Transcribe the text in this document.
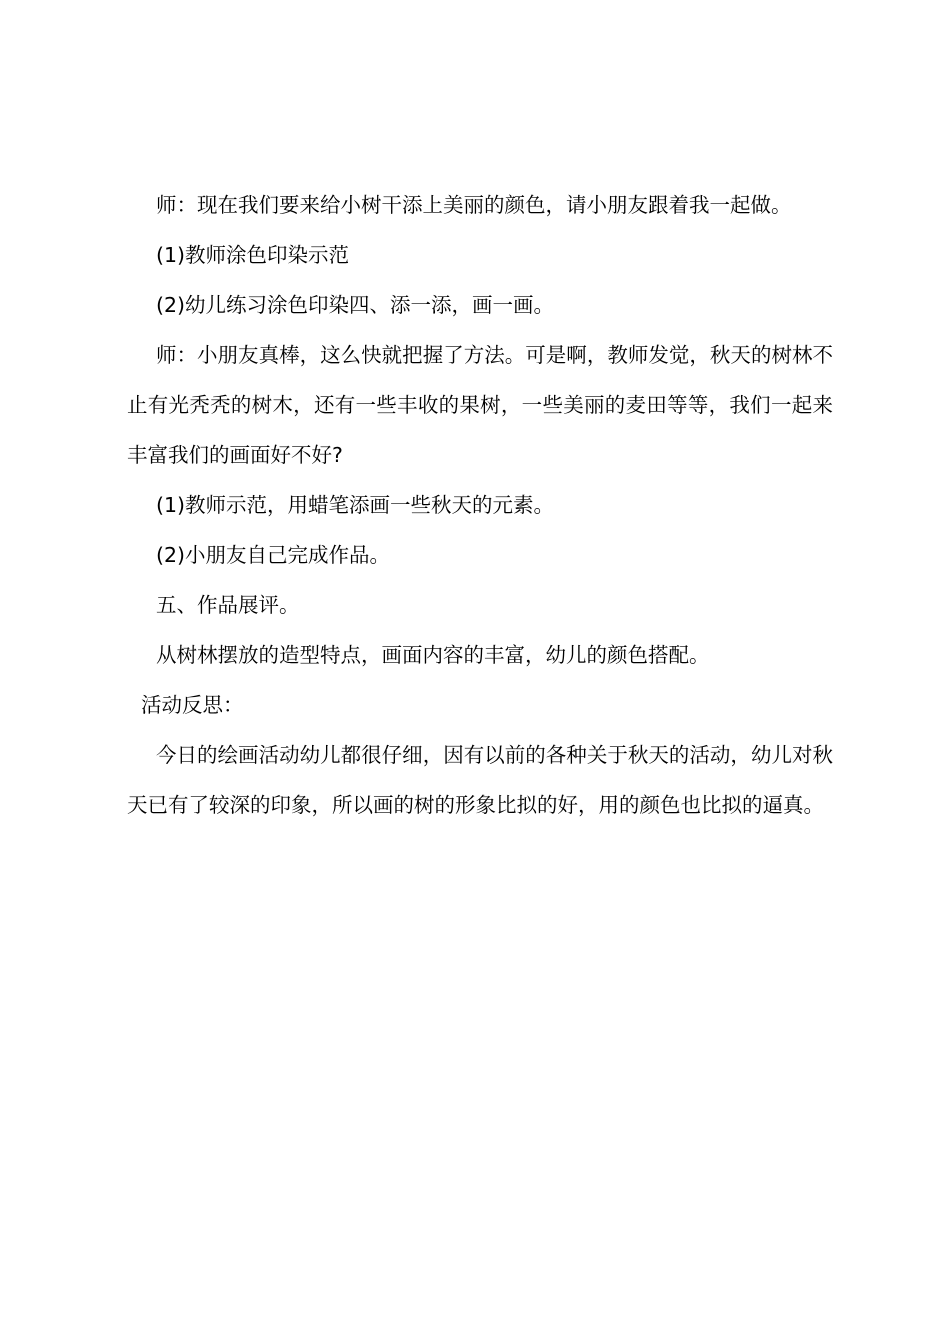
师：现在我们要来给小树干添上美丽的颜色，请小朋友跟着我一起做。

(1)教师涂色印染示范

(2)幼儿练习涂色印染四、添一添，画一画。

师：小朋友真棒，这么快就把握了方法。可是啊，教师发觉，秋天的树林不止有光秃秃的树木，还有一些丰收的果树，一些美丽的麦田等等，我们一起来丰富我们的画面好不好?

(1)教师示范，用蜡笔添画一些秋天的元素。

(2)小朋友自己完成作品。

五、作品展评。

从树林摆放的造型特点，画面内容的丰富，幼儿的颜色搭配。

活动反思：

今日的绘画活动幼儿都很仔细，因有以前的各种关于秋天的活动，幼儿对秋天已有了较深的印象，所以画的树的形象比拟的好，用的颜色也比拟的逼真。
